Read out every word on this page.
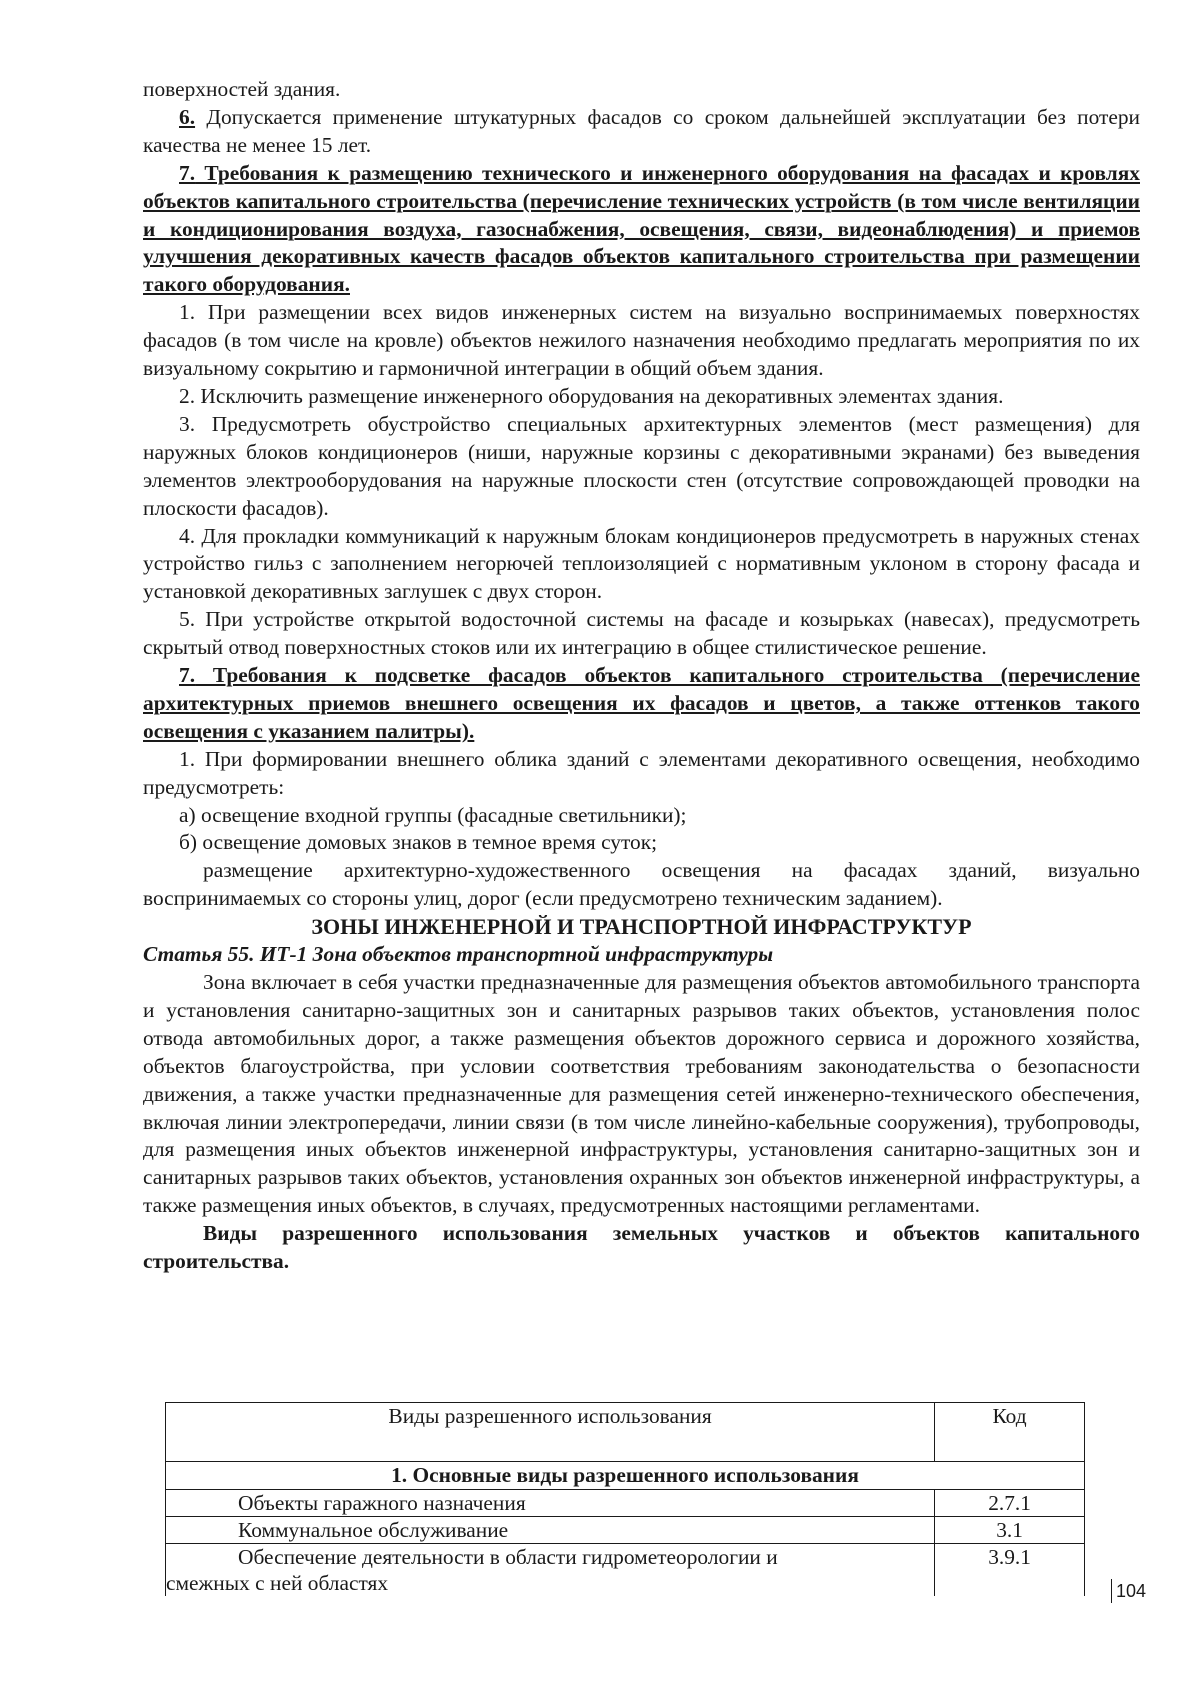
поверхностей здания.

6. Допускается применение штукатурных фасадов со сроком дальнейшей эксплуатации без потери качества не менее 15 лет.

7. Требования к размещению технического и инженерного оборудования на фасадах и кровлях объектов капитального строительства (перечисление технических устройств (в том числе вентиляции и кондиционирования воздуха, газоснабжения, освещения, связи, видеонаблюдения) и приемов улучшения декоративных качеств фасадов объектов капитального строительства при размещении такого оборудования.

1. При размещении всех видов инженерных систем на визуально воспринимаемых поверхностях фасадов (в том числе на кровле) объектов нежилого назначения необходимо предлагать мероприятия по их визуальному сокрытию и гармоничной интеграции в общий объем здания.

2. Исключить размещение инженерного оборудования на декоративных элементах здания.

3. Предусмотреть обустройство специальных архитектурных элементов (мест размещения) для наружных блоков кондиционеров (ниши, наружные корзины с декоративными экранами) без выведения элементов электрооборудования на наружные плоскости стен (отсутствие сопровождающей проводки на плоскости фасадов).

4. Для прокладки коммуникаций к наружным блокам кондиционеров предусмотреть в наружных стенах устройство гильз с заполнением негорючей теплоизоляцией с нормативным уклоном в сторону фасада и установкой декоративных заглушек с двух сторон.

5. При устройстве открытой водосточной системы на фасаде и козырьках (навесах), предусмотреть скрытый отвод поверхностных стоков или их интеграцию в общее стилистическое решение.

7. Требования к подсветке фасадов объектов капитального строительства (перечисление архитектурных приемов внешнего освещения их фасадов и цветов, а также оттенков такого освещения с указанием палитры).

1. При формировании внешнего облика зданий с элементами декоративного освещения, необходимо предусмотреть:

а) освещение входной группы (фасадные светильники);

б) освещение домовых знаков в темное время суток;

размещение архитектурно-художественного освещения на фасадах зданий, визуально воспринимаемых со стороны улиц, дорог (если предусмотрено техническим заданием).

ЗОНЫ ИНЖЕНЕРНОЙ И ТРАНСПОРТНОЙ ИНФРАСТРУКТУР

Статья 55. ИТ-1 Зона объектов транспортной инфраструктуры

Зона включает в себя участки предназначенные для размещения объектов автомобильного транспорта и установления санитарно-защитных зон и санитарных разрывов таких объектов, установления полос отвода автомобильных дорог, а также размещения объектов дорожного сервиса и дорожного хозяйства, объектов благоустройства, при условии соответствия требованиям законодательства о безопасности движения, а также участки предназначенные для размещения сетей инженерно-технического обеспечения, включая линии электропередачи, линии связи (в том числе линейно-кабельные сооружения), трубопроводы, для размещения иных объектов инженерной инфраструктуры, установления санитарно-защитных зон и санитарных разрывов таких объектов, установления охранных зон объектов инженерной инфраструктуры, а также размещения иных объектов, в случаях, предусмотренных настоящими регламентами.

Виды разрешенного использования земельных участков и объектов капитального строительства.

Виды разрешенного использования	Код
1. Основные виды разрешенного использования	
Объекты гаражного назначения	2.7.1
Коммунальное обслуживание	3.1

Обеспечение деятельности в области гидрометеорологии и
смежных с ней областях	3.9.1
104
